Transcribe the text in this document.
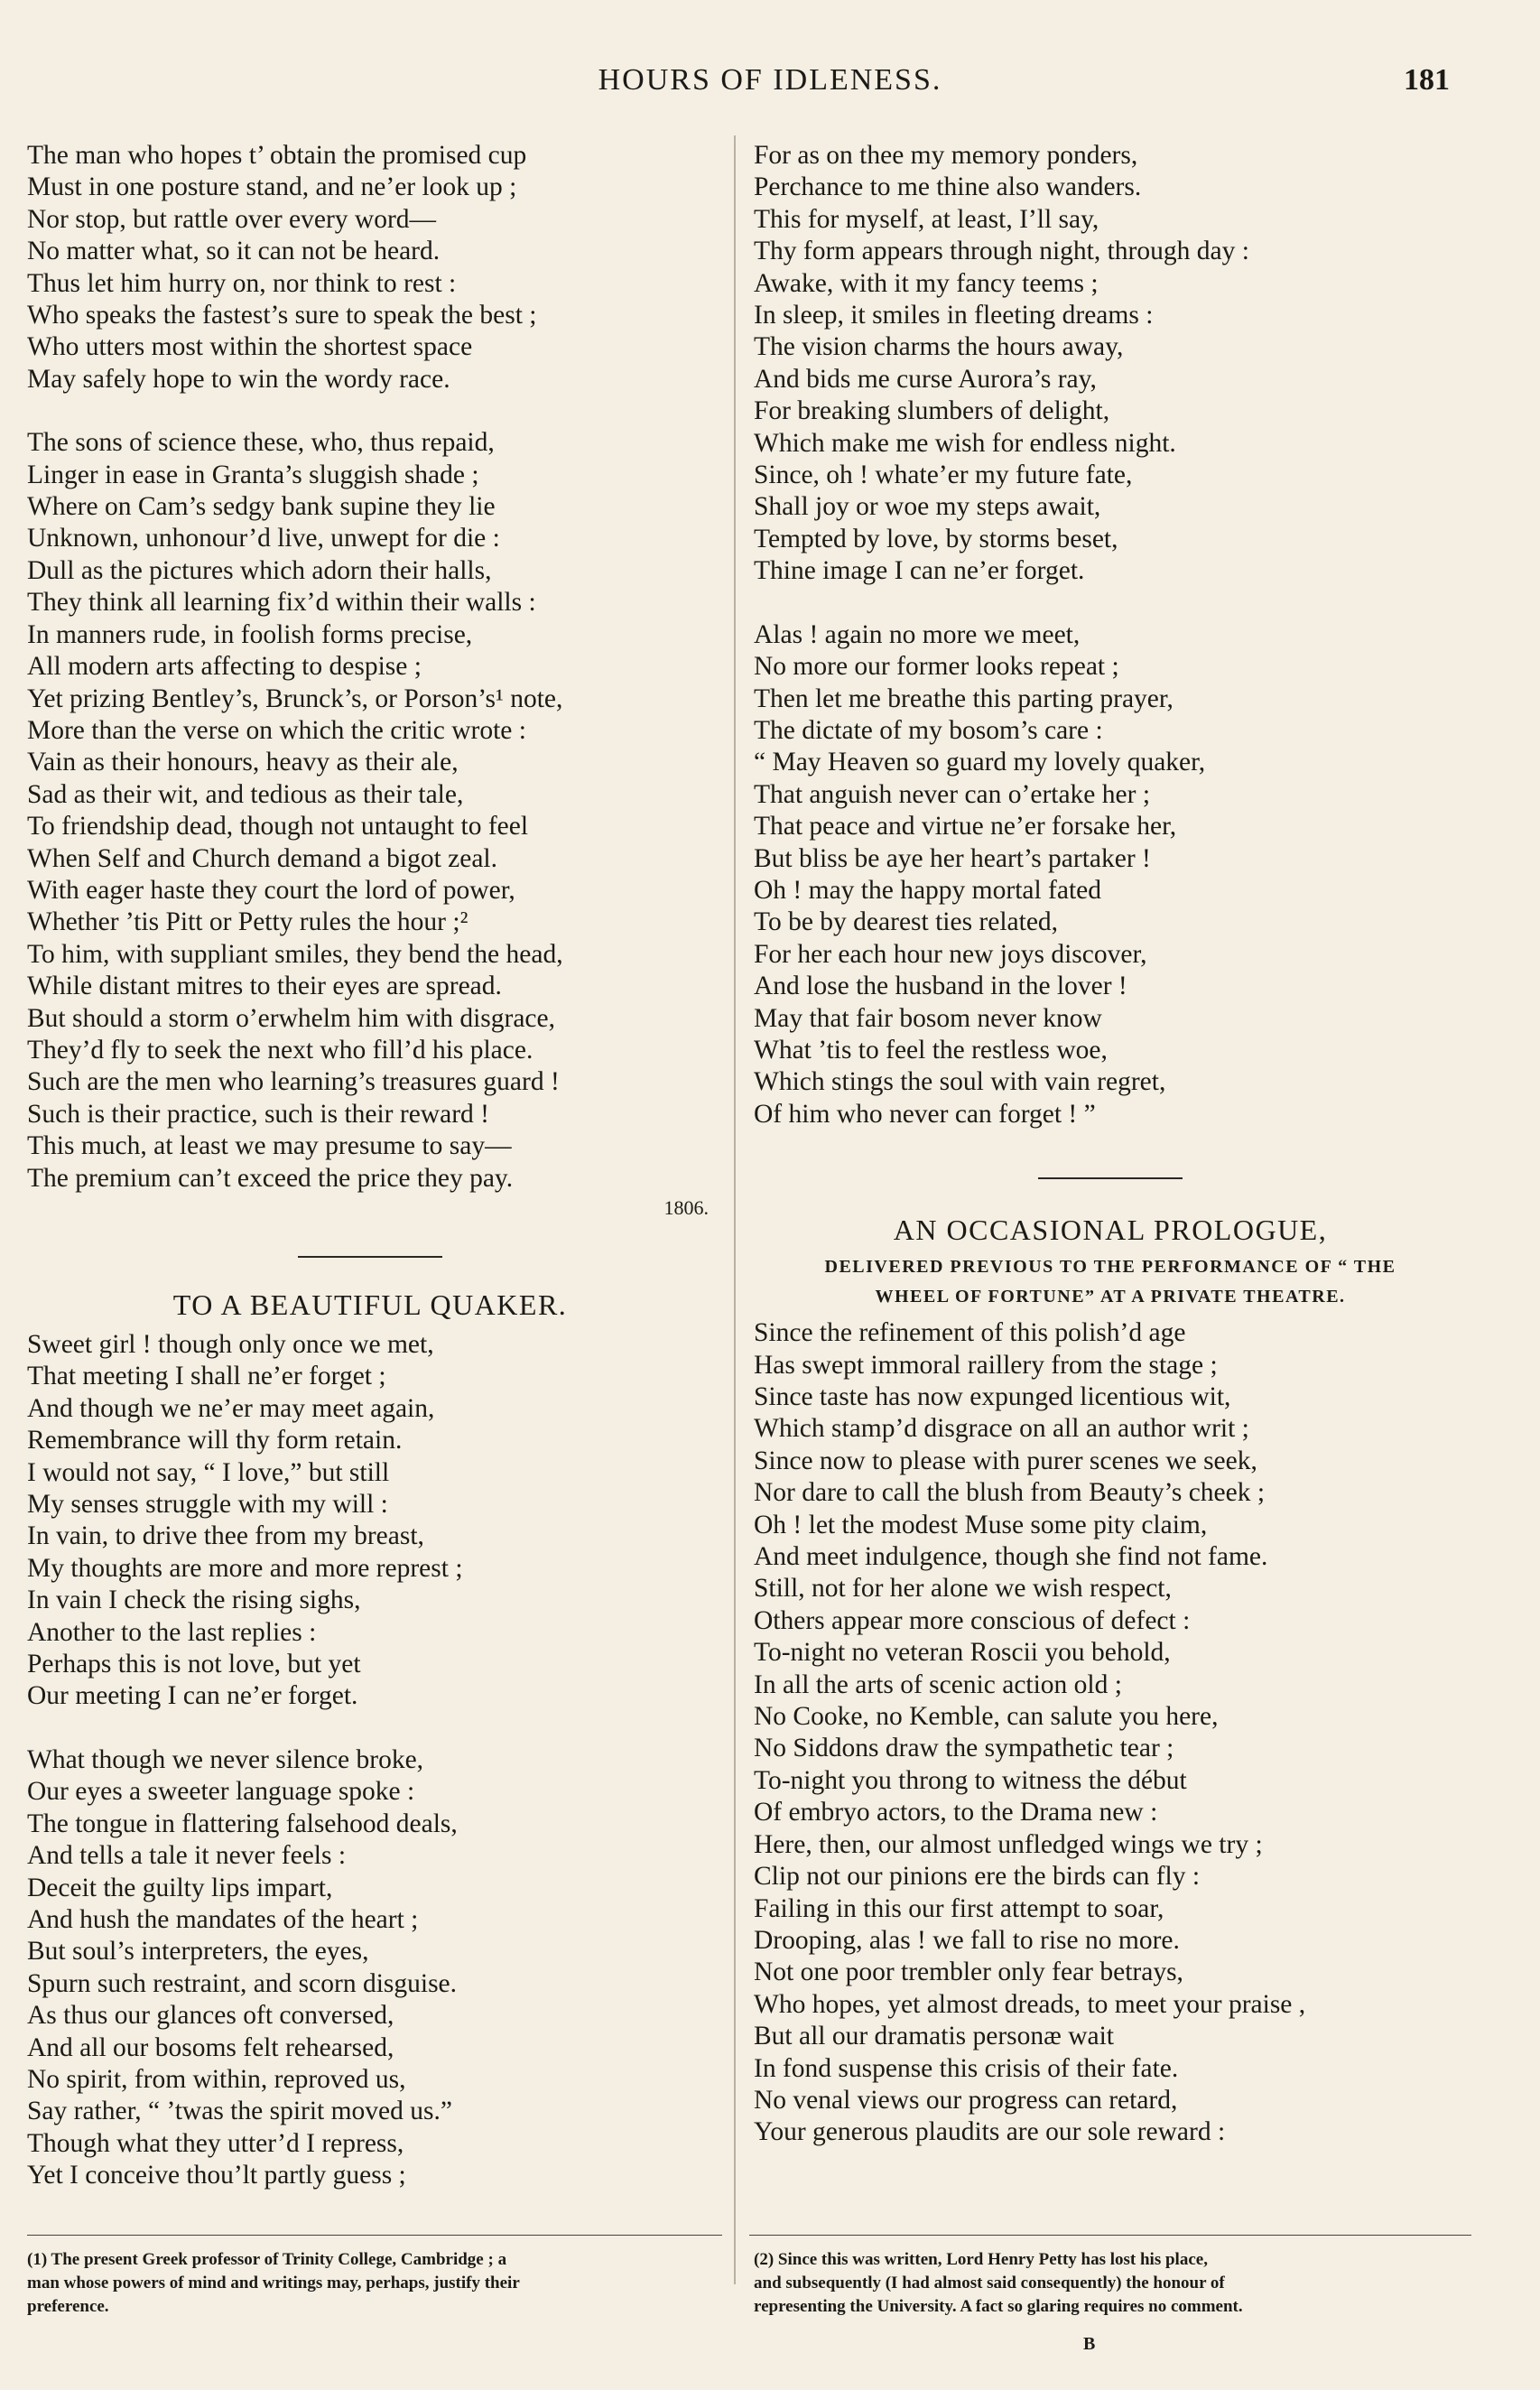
HOURS OF IDLENESS.	181
The man who hopes t’ obtain the promised cup
Must in one posture stand, and ne’er look up ;
Nor stop, but rattle over every word—
No matter what, so it can not be heard.
Thus let him hurry on, nor think to rest :
Who speaks the fastest’s sure to speak the best ;
Who utters most within the shortest space
May safely hope to win the wordy race.
The sons of science these, who, thus repaid,
Linger in ease in Granta’s sluggish shade ;
Where on Cam’s sedgy bank supine they lie
Unknown, unhonour’d live, unwept for die :
Dull as the pictures which adorn their halls,
They think all learning fix’d within their walls :
In manners rude, in foolish forms precise,
All modern arts affecting to despise ;
Yet prizing Bentley’s, Brunck’s, or Porson’s¹ note,
More than the verse on which the critic wrote :
Vain as their honours, heavy as their ale,
Sad as their wit, and tedious as their tale,
To friendship dead, though not untaught to feel
When Self and Church demand a bigot zeal.
With eager haste they court the lord of power,
Whether ’tis Pitt or Petty rules the hour ;²
To him, with suppliant smiles, they bend the head,
While distant mitres to their eyes are spread.
But should a storm o’erwhelm him with disgrace,
They’d fly to seek the next who fill’d his place.
Such are the men who learning’s treasures guard !
Such is their practice, such is their reward !
This much, at least we may presume to say—
The premium can’t exceed the price they pay.
1806.
TO A BEAUTIFUL QUAKER.
Sweet girl ! though only once we met,
That meeting I shall ne’er forget ;
And though we ne’er may meet again,
Remembrance will thy form retain.
I would not say, “ I love,” but still
My senses struggle with my will :
In vain, to drive thee from my breast,
My thoughts are more and more represt ;
In vain I check the rising sighs,
Another to the last replies :
Perhaps this is not love, but yet
Our meeting I can ne’er forget.
What though we never silence broke,
Our eyes a sweeter language spoke :
The tongue in flattering falsehood deals,
And tells a tale it never feels :
Deceit the guilty lips impart,
And hush the mandates of the heart ;
But soul’s interpreters, the eyes,
Spurn such restraint, and scorn disguise.
As thus our glances oft conversed,
And all our bosoms felt rehearsed,
No spirit, from within, reproved us,
Say rather, “ ’twas the spirit moved us.”
Though what they utter’d I repress,
Yet I conceive thou’lt partly guess ;
For as on thee my memory ponders,
Perchance to me thine also wanders.
This for myself, at least, I’ll say,
Thy form appears through night, through day :
Awake, with it my fancy teems ;
In sleep, it smiles in fleeting dreams :
The vision charms the hours away,
And bids me curse Aurora’s ray,
For breaking slumbers of delight,
Which make me wish for endless night.
Since, oh ! whate’er my future fate,
Shall joy or woe my steps await,
Tempted by love, by storms beset,
Thine image I can ne’er forget.
Alas ! again no more we meet,
No more our former looks repeat ;
Then let me breathe this parting prayer,
The dictate of my bosom’s care :
“ May Heaven so guard my lovely quaker,
That anguish never can o’ertake her ;
That peace and virtue ne’er forsake her,
But bliss be aye her heart’s partaker !
Oh ! may the happy mortal fated
To be by dearest ties related,
For her each hour new joys discover,
And lose the husband in the lover !
May that fair bosom never know
What ’tis to feel the restless woe,
Which stings the soul with vain regret,
Of him who never can forget ! ”
AN OCCASIONAL PROLOGUE,
DELIVERED PREVIOUS TO THE PERFORMANCE OF “ THE
WHEEL OF FORTUNE” AT A PRIVATE THEATRE.
Since the refinement of this polish’d age
Has swept immoral raillery from the stage ;
Since taste has now expunged licentious wit,
Which stamp’d disgrace on all an author writ ;
Since now to please with purer scenes we seek,
Nor dare to call the blush from Beauty’s cheek ;
Oh ! let the modest Muse some pity claim,
And meet indulgence, though she find not fame.
Still, not for her alone we wish respect,
Others appear more conscious of defect :
To-night no veteran Roscii you behold,
In all the arts of scenic action old ;
No Cooke, no Kemble, can salute you here,
No Siddons draw the sympathetic tear ;
To-night you throng to witness the début
Of embryo actors, to the Drama new :
Here, then, our almost unfledged wings we try ;
Clip not our pinions ere the birds can fly :
Failing in this our first attempt to soar,
Drooping, alas ! we fall to rise no more.
Not one poor trembler only fear betrays,
Who hopes, yet almost dreads, to meet your praise ,
But all our dramatis personæ wait
In fond suspense this crisis of their fate.
No venal views our progress can retard,
Your generous plaudits are our sole reward :
(1) The present Greek professor of Trinity College, Cambridge ; a
man whose powers of mind and writings may, perhaps, justify their
preference.
(2) Since this was written, Lord Henry Petty has lost his place,
and subsequently (I had almost said consequently) the honour of
representing the University. A fact so glaring requires no comment.
B
